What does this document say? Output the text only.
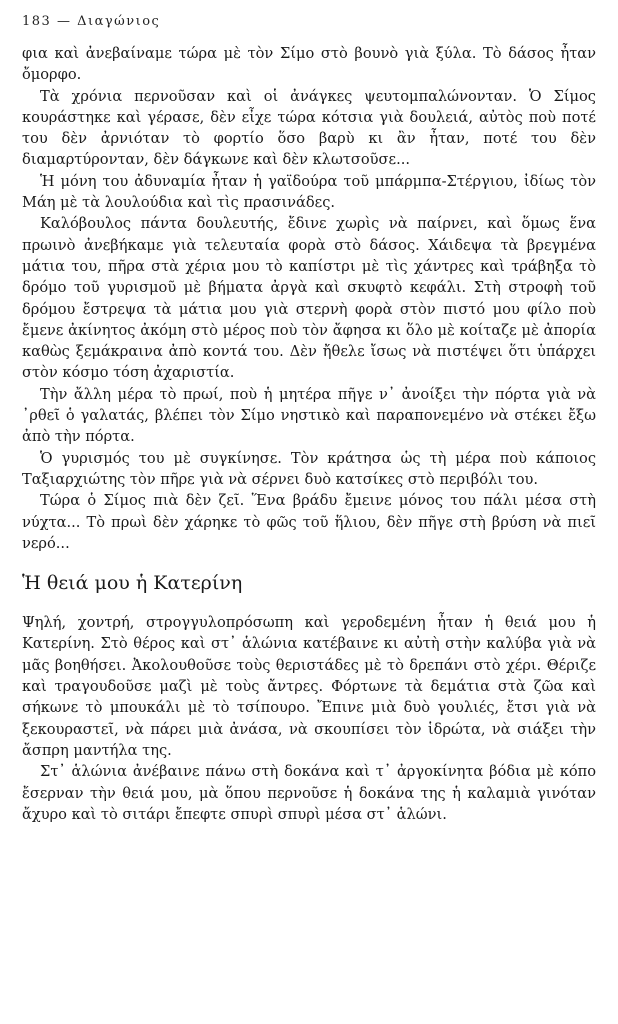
183 — Διαγώνιος

φια καὶ ἀνεβαίναμε τώρα μὲ τὸν Σίμο στὸ βουνὸ γιὰ ξύλα. Τὸ δάσος ἦταν ὄμορφο.

Τὰ χρόνια περνοῦσαν καὶ οἱ ἀνάγκες ψευτομπαλώνονταν. Ὁ Σίμος κουράστηκε καὶ γέρασε, δὲν εἶχε τώρα κότσια γιὰ δουλειά, αὐτὸς ποὺ ποτέ του δὲν ἀρνιόταν τὸ φορτίο ὅσο βαρὺ κι ἂν ἦταν, ποτέ του δὲν διαμαρτύρονταν, δὲν δάγκωνε καὶ δὲν κλωτσοῦσε...

Ἡ μόνη του ἀδυναμία ἦταν ἡ γαϊδούρα τοῦ μπάρμπα-Στέργιου, ἰδίως τὸν Μάη μὲ τὰ λουλούδια καὶ τὶς πρασινάδες.

Καλόβουλος πάντα δουλευτής, ἔδινε χωρὶς νὰ παίρνει, καὶ ὅμως ἕνα πρωινὸ ἀνεβήκαμε γιὰ τελευταία φορὰ στὸ δάσος. Χάιδεψα τὰ βρεγμένα μάτια του, πῆρα στὰ χέρια μου τὸ καπίστρι μὲ τὶς χάντρες καὶ τράβηξα τὸ δρόμο τοῦ γυρισμοῦ μὲ βήματα ἀργὰ καὶ σκυφτὸ κεφάλι. Στὴ στροφὴ τοῦ δρόμου ἔστρεψα τὰ μάτια μου γιὰ στερνὴ φορὰ στὸν πιστό μου φίλο ποὺ ἔμενε ἀκίνητος ἀκόμη στὸ μέρος ποὺ τὸν ἄφησα κι ὅλο μὲ κοίταζε μὲ ἀπορία καθὼς ξεμάκραινα ἀπὸ κοντά του. Δὲν ἤθελε ἴσως νὰ πιστέψει ὅτι ὑπάρχει στὸν κόσμο τόση ἀχαριστία.

Τὴν ἄλλη μέρα τὸ πρωί, ποὺ ἡ μητέρα πῆγε ν᾽ ἀνοίξει τὴν πόρτα γιὰ νὰ ᾽ρθεῖ ὁ γαλατάς, βλέπει τὸν Σίμο νηστικὸ καὶ παραπονεμένο νὰ στέκει ἔξω ἀπὸ τὴν πόρτα.

Ὁ γυρισμός του μὲ συγκίνησε. Τὸν κράτησα ὡς τὴ μέρα ποὺ κάποιος Ταξιαρχιώτης τὸν πῆρε γιὰ νὰ σέρνει δυὸ κατσίκες στὸ περιβόλι του.

Τώρα ὁ Σίμος πιὰ δὲν ζεῖ. Ἕνα βράδυ ἔμεινε μόνος του πάλι μέσα στὴ νύχτα... Τὸ πρωὶ δὲν χάρηκε τὸ φῶς τοῦ ἥλιου, δὲν πῆγε στὴ βρύση νὰ πιεῖ νερό...

Ἡ θειά μου ἡ Κατερίνη

Ψηλή, χοντρή, στρογγυλοπρόσωπη καὶ γεροδεμένη ἦταν ἡ θειά μου ἡ Κατερίνη. Στὸ θέρος καὶ στ᾽ ἁλώνια κατέβαινε κι αὐτὴ στὴν καλύβα γιὰ νὰ μᾶς βοηθήσει. Ἀκολουθοῦσε τοὺς θεριστάδες μὲ τὸ δρεπάνι στὸ χέρι. Θέριζε καὶ τραγουδοῦσε μαζὶ μὲ τοὺς ἄντρες. Φόρτωνε τὰ δεμάτια στὰ ζῶα καὶ σήκωνε τὸ μπουκάλι μὲ τὸ τσίπουρο. Ἔπινε μιὰ δυὸ γουλιές, ἔτσι γιὰ νὰ ξεκουραστεῖ, νὰ πάρει μιὰ ἀνάσα, νὰ σκουπίσει τὸν ἱδρώτα, νὰ σιάξει τὴν ἄσπρη μαντήλα της.

Στ᾽ ἁλώνια ἀνέβαινε πάνω στὴ δοκάνα καὶ τ᾽ ἀργοκίνητα βόδια μὲ κόπο ἔσερναν τὴν θειά μου, μὰ ὅπου περνοῦσε ἡ δοκάνα της ἡ καλαμιὰ γινόταν ἄχυρο καὶ τὸ σιτάρι ἔπεφτε σπυρὶ σπυρὶ μέσα στ᾽ ἁλώνι.
